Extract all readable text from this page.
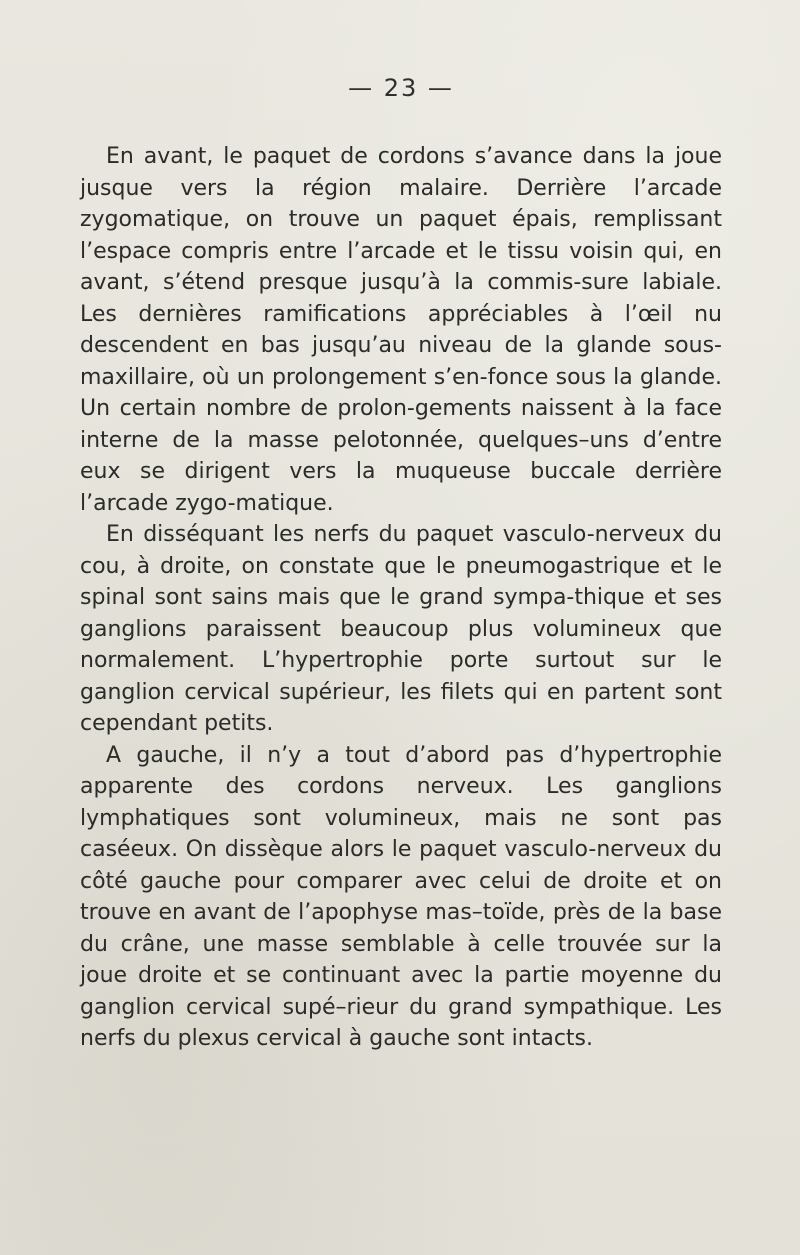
— 23 —

En avant, le paquet de cordons s’avance dans la joue jusque vers la région malaire. Derrière l’arcade zygomatique, on trouve un paquet épais, remplissant l’espace compris entre l’arcade et le tissu voisin qui, en avant, s’étend presque jusqu’à la commis-sure labiale. Les dernières ramifications appréciables à l’œil nu descendent en bas jusqu’au niveau de la glande sous-maxillaire, où un prolongement s’en-fonce sous la glande. Un certain nombre de prolon-gements naissent à la face interne de la masse pelotonnée, quelques–uns d’entre eux se dirigent vers la muqueuse buccale derrière l’arcade zygo-matique.

En disséquant les nerfs du paquet vasculo-nerveux du cou, à droite, on constate que le pneumogastrique et le spinal sont sains mais que le grand sympa-thique et ses ganglions paraissent beaucoup plus volumineux que normalement. L’hypertrophie porte surtout sur le ganglion cervical supérieur, les filets qui en partent sont cependant petits.

A gauche, il n’y a tout d’abord pas d’hypertrophie apparente des cordons nerveux. Les ganglions lymphatiques sont volumineux, mais ne sont pas caséeux. On dissèque alors le paquet vasculo-nerveux du côté gauche pour comparer avec celui de droite et on trouve en avant de l’apophyse mas–toïde, près de la base du crâne, une masse semblable à celle trouvée sur la joue droite et se continuant avec la partie moyenne du ganglion cervical supé–rieur du grand sympathique. Les nerfs du plexus cervical à gauche sont intacts.
